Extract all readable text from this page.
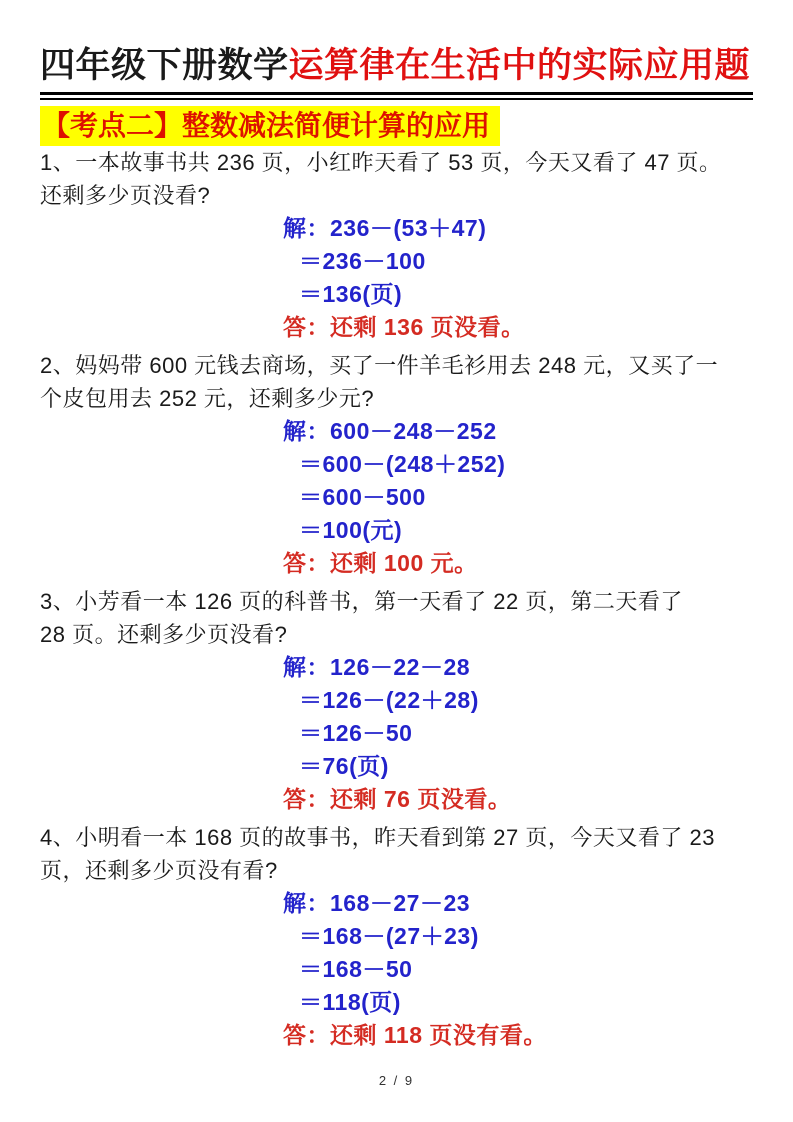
四年级下册数学运算律在生活中的实际应用题
【考点二】整数减法简便计算的应用

1、一本故事书共 236 页，小红昨天看了 53 页，今天又看了 47 页。

还剩多少页没看?

解：236－(53＋47)

＝236－100

＝136(页)

答：还剩 136 页没看。

2、妈妈带 600 元钱去商场，买了一件羊毛衫用去 248 元，又买了一

个皮包用去 252 元，还剩多少元?

解：600－248－252

＝600－(248＋252)

＝600－500

＝100(元)

答：还剩 100 元。

3、小芳看一本 126 页的科普书，第一天看了 22 页，第二天看了

28 页。还剩多少页没看?

解：126－22－28

＝126－(22＋28)

＝126－50

＝76(页)

答：还剩 76 页没看。

4、小明看一本 168 页的故事书，昨天看到第 27 页，今天又看了 23

页，还剩多少页没有看?

解：168－27－23

＝168－(27＋23)

＝168－50

＝118(页)

答：还剩 118 页没有看。

2 / 9
